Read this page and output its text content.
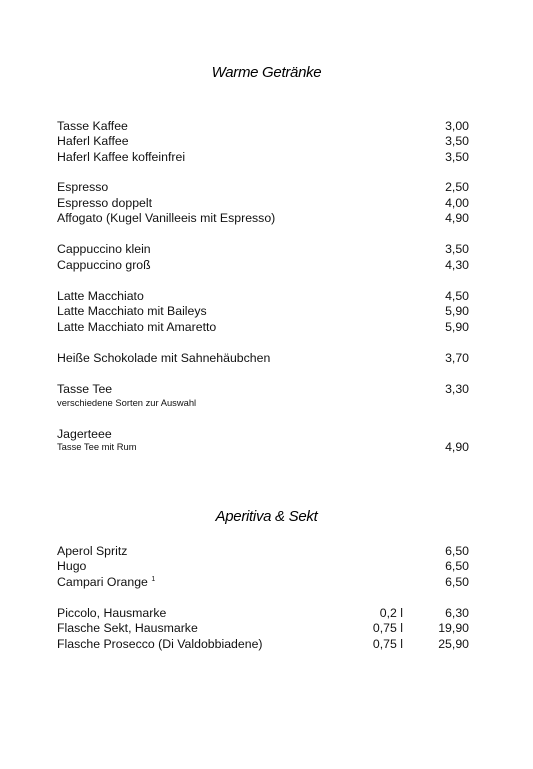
Warme Getränke
Tasse Kaffee	3,00
Haferl Kaffee	3,50
Haferl Kaffee koffeinfrei	3,50
Espresso	2,50
Espresso doppelt	4,00
Affogato (Kugel Vanilleeis mit Espresso)	4,90
Cappuccino klein	3,50
Cappuccino groß	4,30
Latte Macchiato	4,50
Latte Macchiato mit Baileys	5,90
Latte Macchiato mit Amaretto	5,90
Heiße Schokolade mit Sahnehäubchen	3,70
Tasse Tee	3,30
verschiedene Sorten zur Auswahl
Jagerteee
Tasse Tee mit Rum	4,90
Aperitiva & Sekt
Aperol Spritz	6,50
Hugo	6,50
Campari Orange $^1$	6,50
Piccolo, Hausmarke	0,2 l	6,30
Flasche Sekt, Hausmarke	0,75 l	19,90
Flasche Prosecco (Di Valdobbiadene)	0,75 l	25,90
